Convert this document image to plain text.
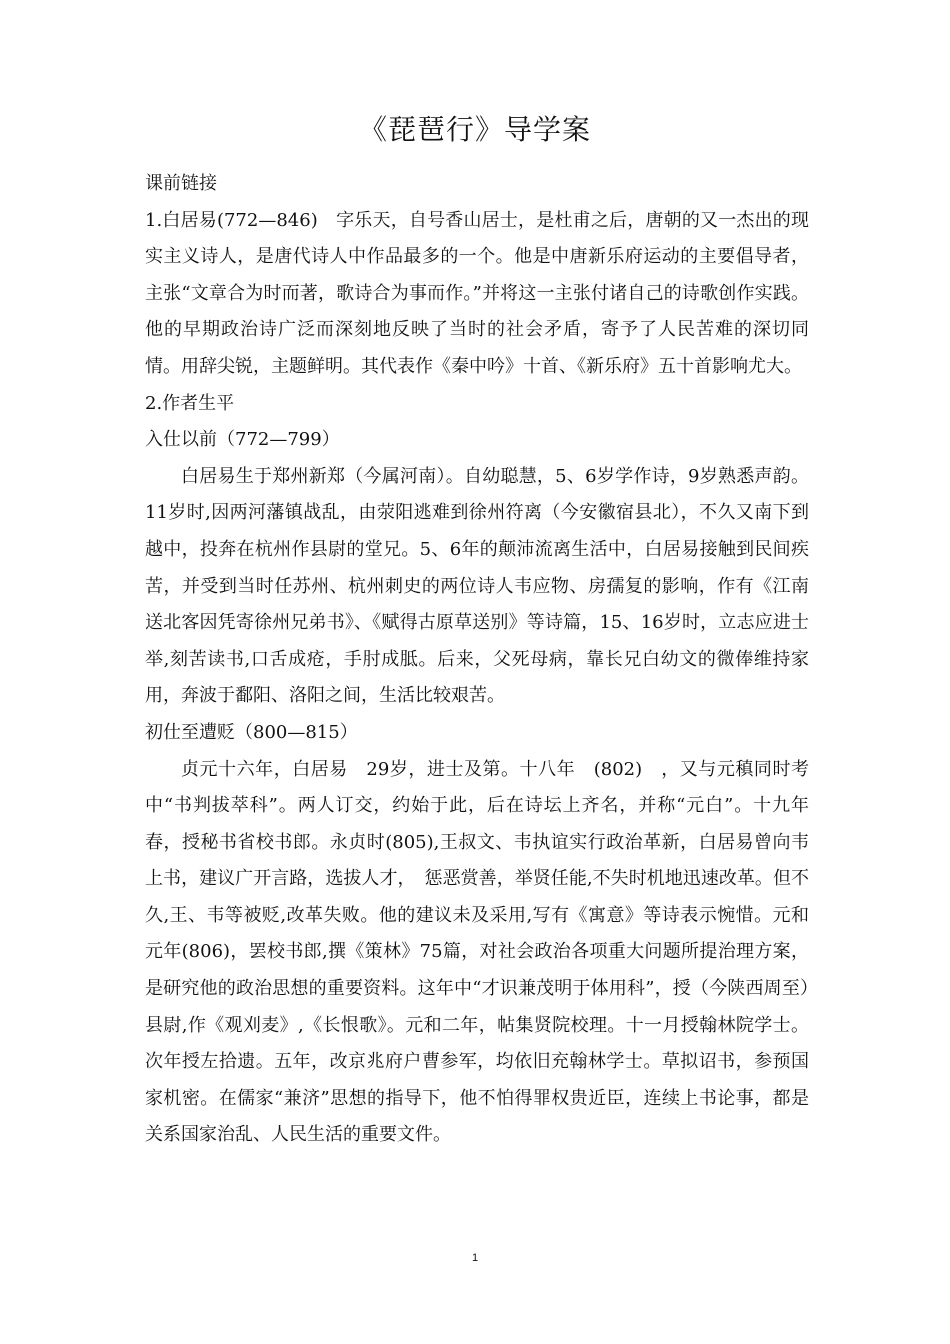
《琵琶行》导学案

课前链接

1.白居易(772—846)　字乐天，自号香山居士，是杜甫之后，唐朝的又一杰出的现实主义诗人，是唐代诗人中作品最多的一个。他是中唐新乐府运动的主要倡导者，主张“文章合为时而著，歌诗合为事而作。”并将这一主张付诸自己的诗歌创作实践。他的早期政治诗广泛而深刻地反映了当时的社会矛盾，寄予了人民苦难的深切同情。用辞尖锐，主题鲜明。其代表作《秦中吟》十首、《新乐府》五十首影响尤大。

2.作者生平

入仕以前（772—799）

白居易生于郑州新郑（今属河南）。自幼聪慧，5、6岁学作诗，9岁熟悉声韵。11岁时,因两河藩镇战乱，由荥阳逃难到徐州符离（今安徽宿县北），不久又南下到越中，投奔在杭州作县尉的堂兄。5、6年的颠沛流离生活中，白居易接触到民间疾苦，并受到当时任苏州、杭州刺史的两位诗人韦应物、房孺复的影响，作有《江南送北客因凭寄徐州兄弟书》、《赋得古原草送别》等诗篇，15、16岁时，立志应进士举,刻苦读书,口舌成疮，手肘成胝。后来，父死母病，靠长兄白幼文的微俸维持家用，奔波于鄱阳、洛阳之间，生活比较艰苦。

初仕至遭贬（800—815）

贞元十六年，白居易　29岁，进士及第。十八年　(802)　，又与元稹同时考中“书判拔萃科”。两人订交，约始于此，后在诗坛上齐名，并称“元白”。十九年春，授秘书省校书郎。永贞时(805),王叔文、韦执谊实行政治革新，白居易曾向韦上书，建议广开言路，选拔人才，　惩恶赏善，举贤任能,不失时机地迅速改革。但不久,王、韦等被贬,改革失败。他的建议未及采用,写有《寓意》等诗表示惋惜。元和元年(806)，罢校书郎,撰《策林》75篇，对社会政治各项重大问题所提治理方案，是研究他的政治思想的重要资料。这年中“才识兼茂明于体用科”，授（今陕西周至）县尉,作《观刈麦》,《长恨歌》。元和二年，帖集贤院校理。十一月授翰林院学士。次年授左拾遗。五年，改京兆府户曹参军，均依旧充翰林学士。草拟诏书，参预国家机密。在儒家“兼济”思想的指导下，他不怕得罪权贵近臣，连续上书论事，都是关系国家治乱、人民生活的重要文件。

1
